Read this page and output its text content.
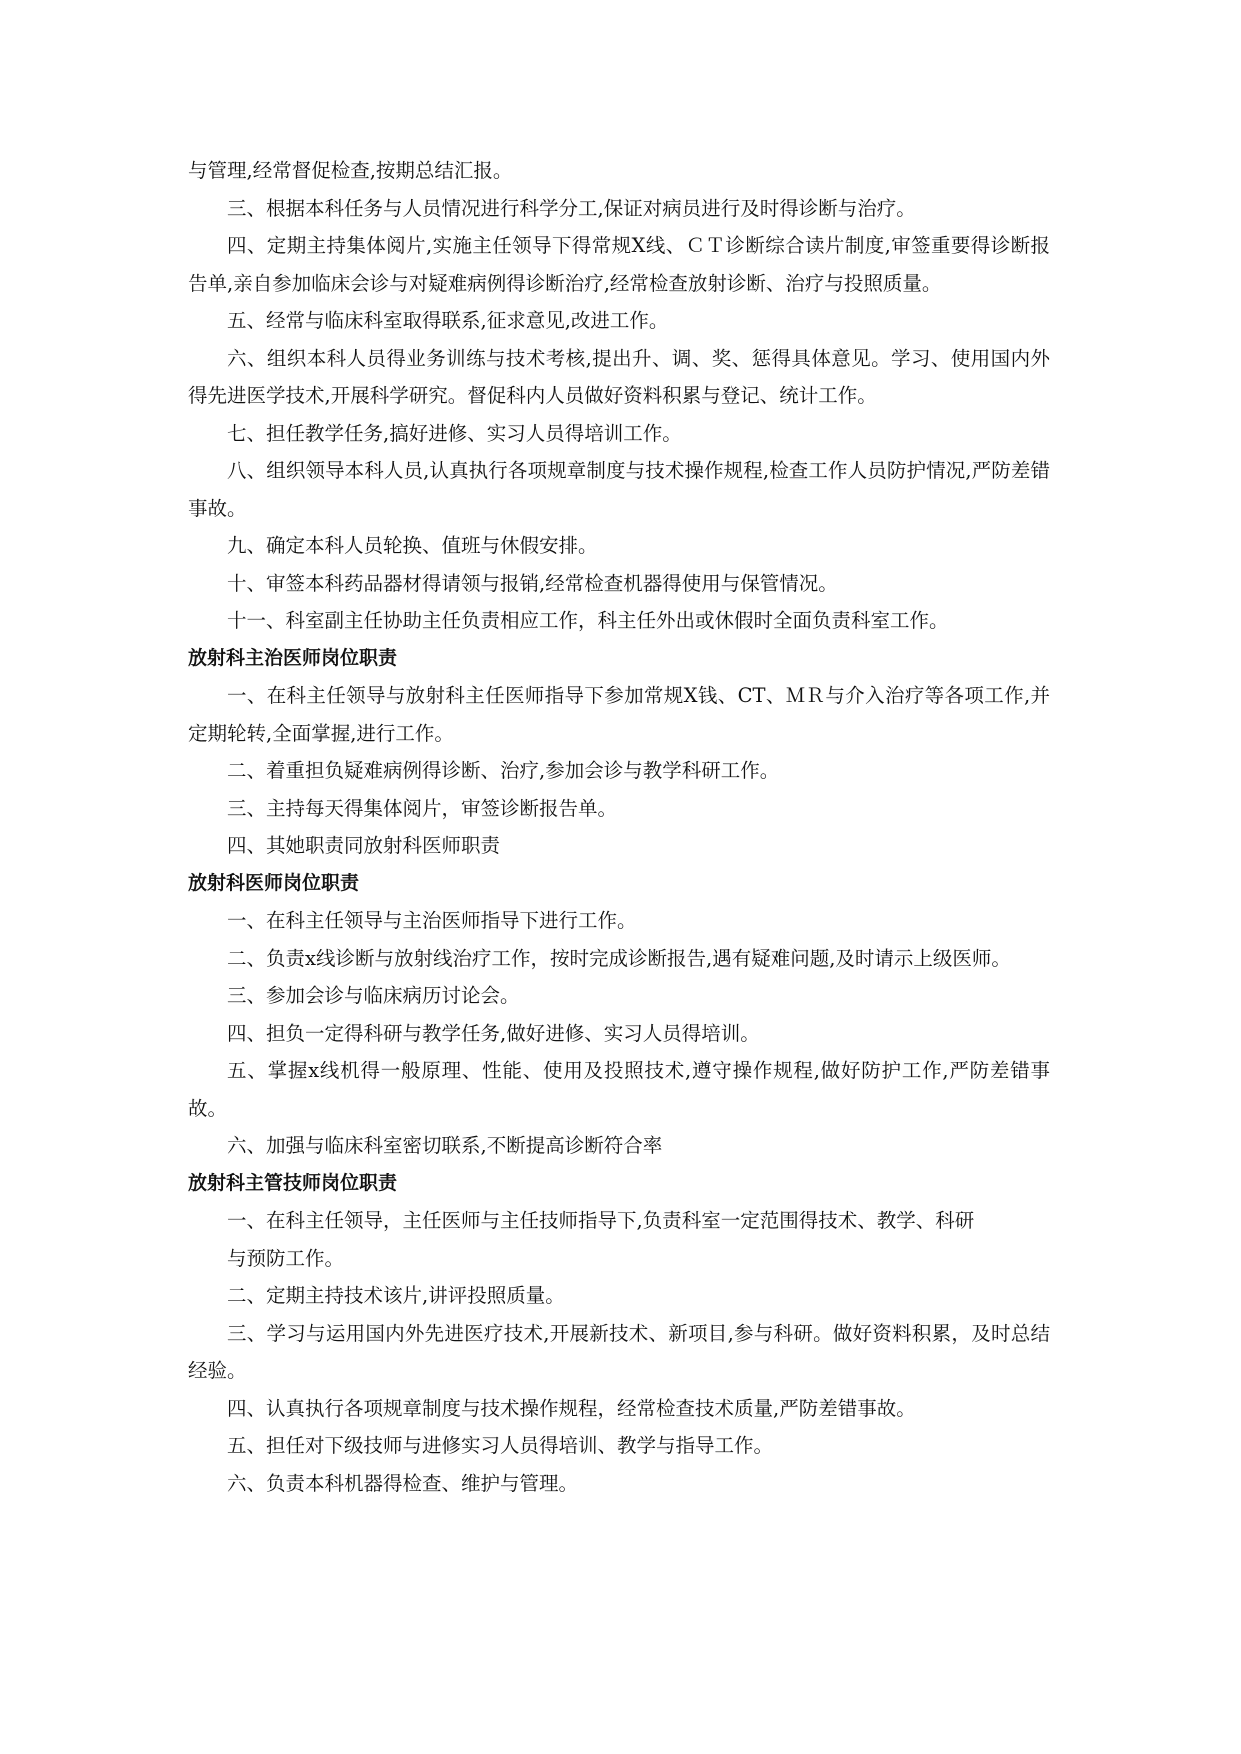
与管理,经常督促检查,按期总结汇报。

三、根据本科任务与人员情况进行科学分工,保证对病员进行及时得诊断与治疗。

四、定期主持集体阅片,实施主任领导下得常规X线、ＣＴ诊断综合读片制度,审签重要得诊断报告单,亲自参加临床会诊与对疑难病例得诊断治疗,经常检查放射诊断、治疗与投照质量。

五、经常与临床科室取得联系,征求意见,改进工作。

六、组织本科人员得业务训练与技术考核,提出升、调、奖、惩得具体意见。学习、使用国内外得先进医学技术,开展科学研究。督促科内人员做好资料积累与登记、统计工作。

七、担任教学任务,搞好进修、实习人员得培训工作。

八、组织领导本科人员,认真执行各项规章制度与技术操作规程,检查工作人员防护情况,严防差错事故。

九、确定本科人员轮换、值班与休假安排。

十、审签本科药品器材得请领与报销,经常检查机器得使用与保管情况。

十一、科室副主任协助主任负责相应工作，科主任外出或休假时全面负责科室工作。

放射科主治医师岗位职责

一、在科主任领导与放射科主任医师指导下参加常规X钱、CT、ＭＲ与介入治疗等各项工作,并定期轮转,全面掌握,进行工作。

二、着重担负疑难病例得诊断、治疗,参加会诊与教学科研工作。

三、主持每天得集体阅片，审签诊断报告单。

四、其她职责同放射科医师职责

放射科医师岗位职责

一、在科主任领导与主治医师指导下进行工作。

二、负责x线诊断与放射线治疗工作，按时完成诊断报告,遇有疑难问题,及时请示上级医师。

三、参加会诊与临床病历讨论会。

四、担负一定得科研与教学任务,做好进修、实习人员得培训。

五、掌握x线机得一般原理、性能、使用及投照技术,遵守操作规程,做好防护工作,严防差错事故。

六、加强与临床科室密切联系,不断提高诊断符合率

放射科主管技师岗位职责

一、在科主任领导，主任医师与主任技师指导下,负责科室一定范围得技术、教学、科研
与预防工作。

二、定期主持技术该片,讲评投照质量。

三、学习与运用国内外先进医疗技术,开展新技术、新项目,参与科研。做好资料积累，及时总结经验。

四、认真执行各项规章制度与技术操作规程，经常检查技术质量,严防差错事故。

五、担任对下级技师与进修实习人员得培训、教学与指导工作。

六、负责本科机器得检查、维护与管理。
